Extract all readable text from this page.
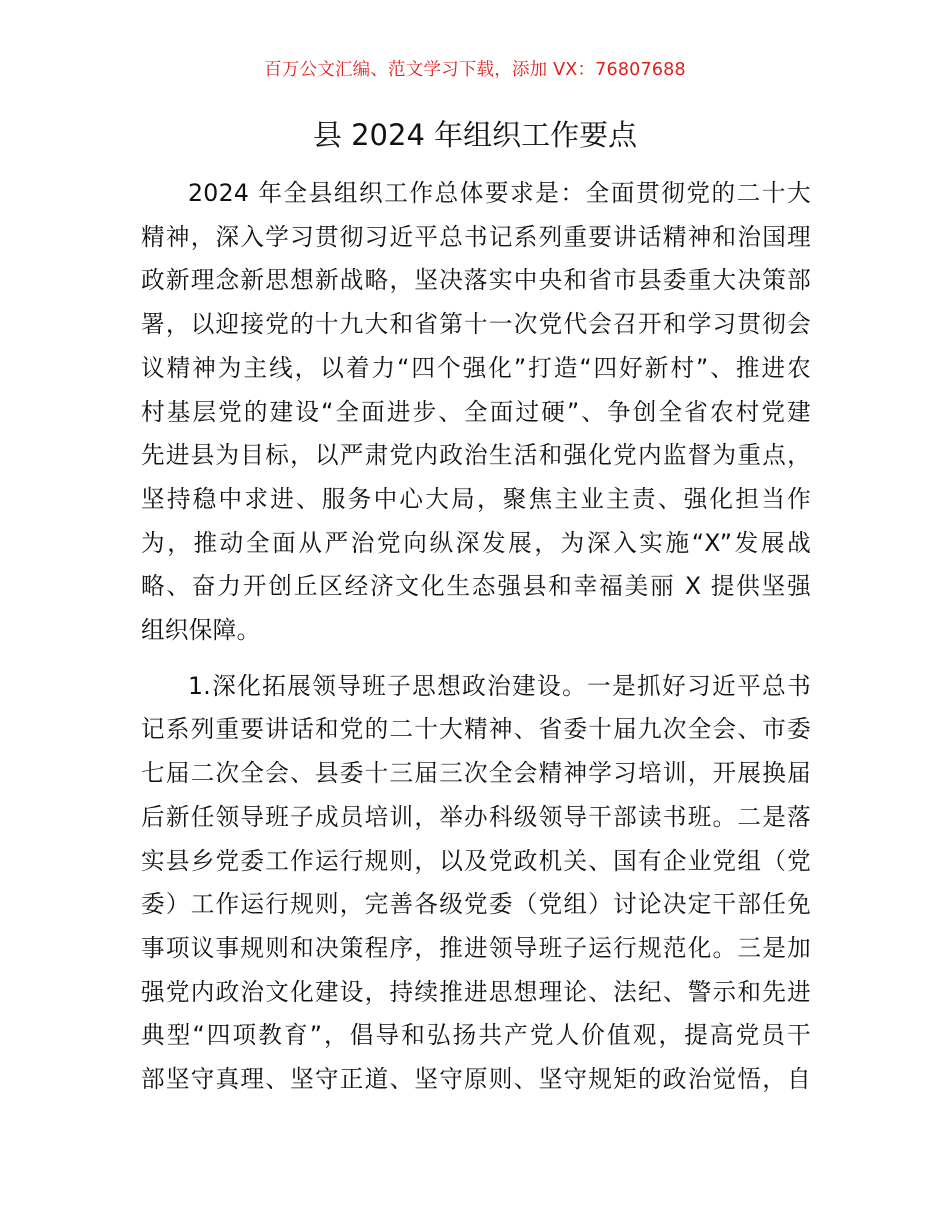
百万公文汇编、范文学习下载，添加 VX：76807688
县 2024 年组织工作要点

2024 年全县组织工作总体要求是：全面贯彻党的二十大
精神，深入学习贯彻习近平总书记系列重要讲话精神和治国理
政新理念新思想新战略，坚决落实中央和省市县委重大决策部
署，以迎接党的十九大和省第十一次党代会召开和学习贯彻会
议精神为主线，以着力“四个强化”打造“四好新村”、推进农
村基层党的建设“全面进步、全面过硬”、争创全省农村党建
先进县为目标，以严肃党内政治生活和强化党内监督为重点，
坚持稳中求进、服务中心大局，聚焦主业主责、强化担当作
为，推动全面从严治党向纵深发展，为深入实施“X”发展战
略、奋力开创丘区经济文化生态强县和幸福美丽 X 提供坚强
组织保障。

1.深化拓展领导班子思想政治建设。一是抓好习近平总书
记系列重要讲话和党的二十大精神、省委十届九次全会、市委
七届二次全会、县委十三届三次全会精神学习培训，开展换届
后新任领导班子成员培训，举办科级领导干部读书班。二是落
实县乡党委工作运行规则，以及党政机关、国有企业党组（党
委）工作运行规则，完善各级党委（党组）讨论决定干部任免
事项议事规则和决策程序，推进领导班子运行规范化。三是加
强党内政治文化建设，持续推进思想理论、法纪、警示和先进
典型“四项教育”，倡导和弘扬共产党人价值观，提高党员干
部坚守真理、坚守正道、坚守原则、坚守规矩的政治觉悟，自
